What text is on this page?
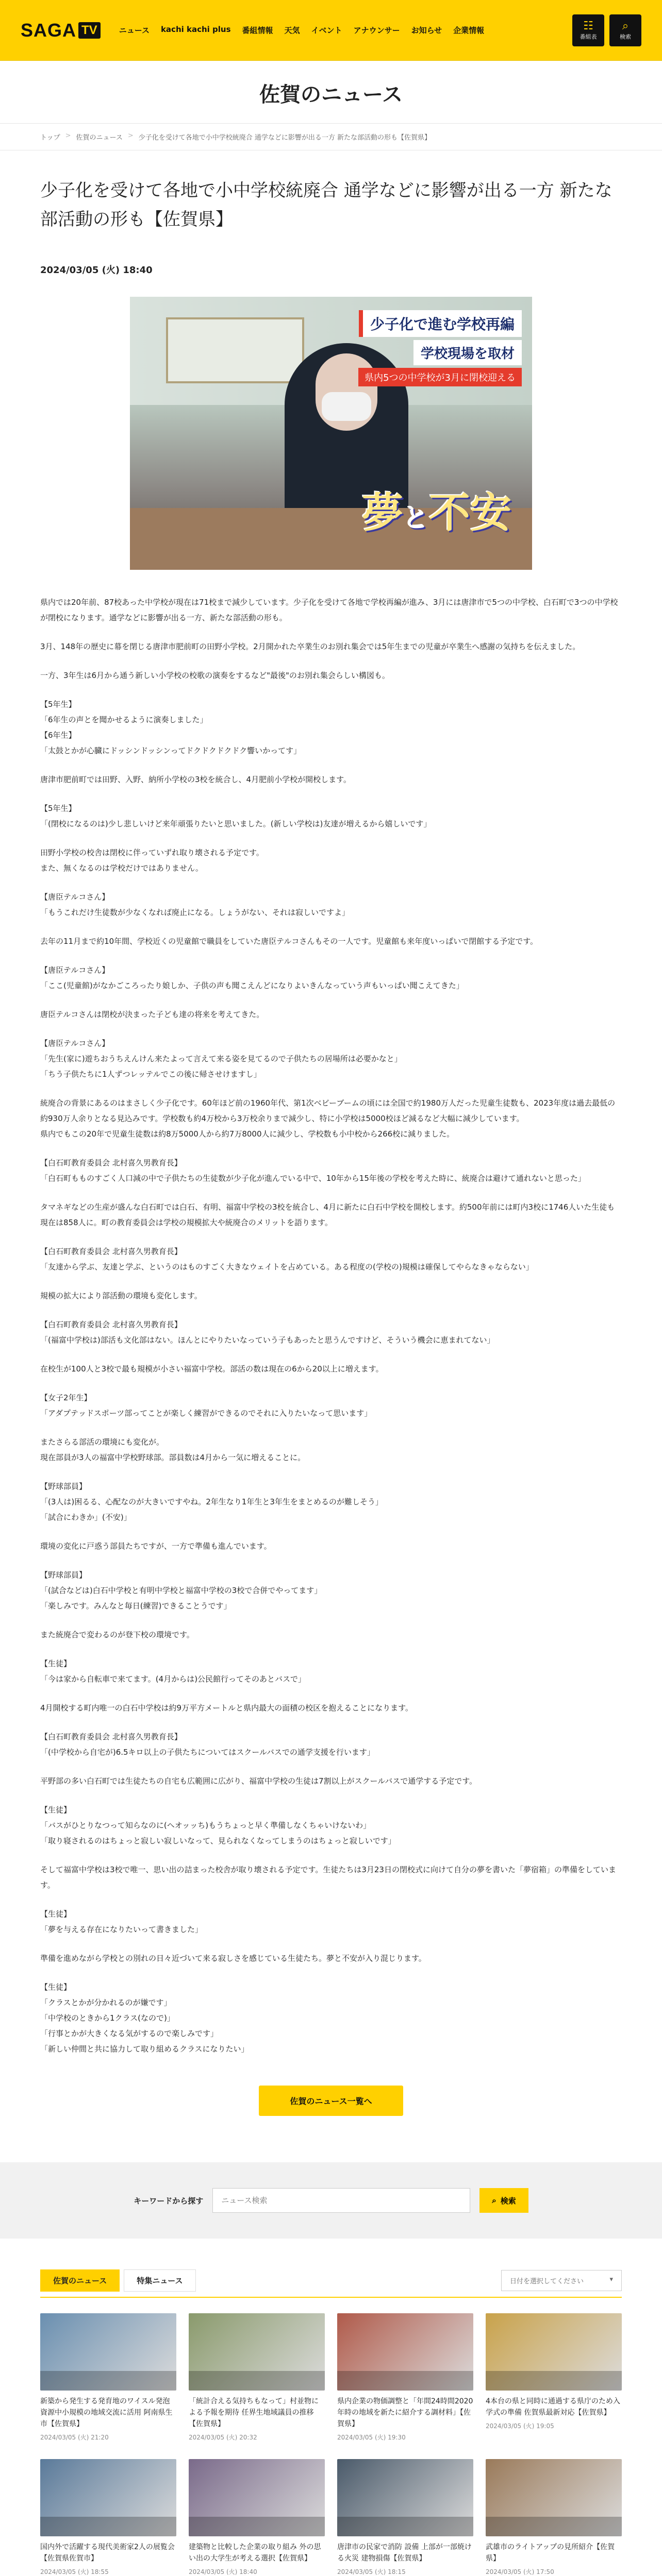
SAGA TV	ニュース kachi kachi plus 番組情報 天気 イベント アナウンサー お知らせ 企業情報	☷
番組表
⌕
検索
佐賀のニュース
トップ > 佐賀のニュース > 少子化を受けて各地で小中学校統廃合 通学などに影響が出る一方 新たな部活動の形も【佐賀県】
少子化を受けて各地で小中学校統廃合 通学などに影響が出る一方 新たな部活動の形も【佐賀県】
2024/03/05 (火) 18:40
少子化で進む学校再編
学校現場を取材
県内5つの中学校が3月に閉校迎える
夢と不安

県内では20年前、87校あった中学校が現在は71校まで減少しています。少子化を受けて各地で学校再編が進み、3月には唐津市で5つの中学校、白石町で3つの中学校が閉校になります。通学などに影響が出る一方、新たな部活動の形も。

3月、148年の歴史に幕を閉じる唐津市肥前町の田野小学校。2月開かれた卒業生のお別れ集会では5年生までの児童が卒業生へ感謝の気持ちを伝えました。

一方、3年生は6月から通う新しい小学校の校歌の演奏をするなど"最後"のお別れ集会らしい構図も。

【5年生】
「6年生の声とを聞かせるように演奏しました」
【6年生】
「太鼓とかが心臓にドッシンドッシンってドクドクドクドク響いかってす」

唐津市肥前町では田野、入野、納所小学校の3校を統合し、4月肥前小学校が開校します。

【5年生】
「(閉校になるのは)少し悲しいけど来年頑張りたいと思いました。(新しい学校は)友達が増えるから嬉しいです」

田野小学校の校舎は閉校に伴っていずれ取り壊される予定です。
また、無くなるのは学校だけではありません。

【唐臣テルコさん】
「もうこれだけ生徒数が少なくなれば廃止になる。しょうがない、それは寂しいですよ」

去年の11月まで約10年間、学校近くの児童館で職員をしていた唐臣テルコさんもその一人です。児童館も来年度いっぱいで閉館する予定です。

【唐臣テルコさん】
「ここ(児童館)がなかごころったり娘しか、子供の声も聞こえんどになりよいきんなっていう声もいっぱい聞こえてきた」

唐臣テルコさんは閉校が決まった子ども達の将来を考えてきた。

【唐臣テルコさん】
「先生(家に)遊ちおうちえんけん来たよって言えて来る姿を見てるので子供たちの居場所は必要かなと」
「ちう子供たちに1人ずつレッテルでこの後に帰させけますし」

統廃合の背景にあるのはまさしく少子化です。60年ほど前の1960年代、第1次ベビーブームの頃には全国で約1980万人だった児童生徒数も、2023年度は過去最低の約930万人余りとなる見込みです。学校数も約4万校から3万校余りまで減少し、特に小学校は5000校ほど減るなど大幅に減少しています。
県内でもこの20年で児童生徒数は約8万5000人から約7万8000人に減少し、学校数も小中校から266校に減りました。

【白石町教育委員会 北村喜久男教育長】
「白石町もものすごく人口減の中で子供たちの生徒数が少子化が進んでいる中で、10年から15年後の学校を考えた時に、統廃合は避けて通れないと思った」

タマネギなどの生産が盛んな白石町では白石、有明、福富中学校の3校を統合し、4月に新たに白石中学校を開校します。約500年前には町内3校に1746人いた生徒も現在は858人に。町の教育委員会は学校の規模拡大や統廃合のメリットを語ります。

【白石町教育委員会 北村喜久男教育長】
「友達から学ぶ、友達と学ぶ、というのはものすごく大きなウェイトを占めている。ある程度の(学校の)規模は確保してやらなきゃならない」

規模の拡大により部活動の環境も変化します。

【白石町教育委員会 北村喜久男教育長】
「(福富中学校は)部活も文化部はない。ほんとにやりたいなっていう子もあったと思うんですけど、そういう機会に恵まれてない」

在校生が100人と3校で最も規模が小さい福富中学校。部活の数は現在の6から20以上に増えます。

【女子2年生】
「アダプテッドスポーツ部ってことが楽しく練習ができるのでそれに入りたいなって思います」

またさらる部活の環境にも変化が。
現在部員が3人の福富中学校野球部。部員数は4月から一気に増えることに。

【野球部員】
「(3人は)困るる、心配なのが大きいですやね。2年生なり1年生と3年生をまとめるのが難しそう」
「試合にわきか」(不安)」

環境の変化に戸惑う部員たちですが、一方で準備も進んでいます。

【野球部員】
「(試合などは)白石中学校と有明中学校と福富中学校の3校で合併でやってます」
「楽しみです。みんなと毎日(練習)できることうです」

また統廃合で変わるのが登下校の環境です。

【生徒】
「今は家から自転車で来てます。(4月からは)公民館行ってそのあとバスで」

4月開校する町内唯一の白石中学校は約9万平方メートルと県内最大の面積の校区を抱えることになります。

【白石町教育委員会 北村喜久男教育長】
「(中学校から自宅が)6.5キロ以上の子供たちについてはスクールバスでの通学支援を行います」

平野部の多い白石町では生徒たちの自宅も広範囲に広がり、福富中学校の生徒は7割以上がスクールバスで通学する予定です。

【生徒】
「バスがひとりなつって知らなのに(ヘオッッち)もうちょっと早く準備しなくちゃいけないわ」
「取り寝されるのはちょっと寂しい寂しいなって、見られなくなってしまうのはちょっと寂しいです」

そして福富中学校は3校で唯一、思い出の詰まった校舎が取り壊される予定です。生徒たちは3月23日の閉校式に向けて自分の夢を書いた「夢宿箱」の準備をしています。

【生徒】
「夢を与える存在になりたいって書きました」

準備を進めながら学校との別れの日々近づいて来る寂しさを感じている生徒たち。夢と不安が入り混じります。

【生徒】
「クラスとかが分かれるのが嫌です」
「中学校のときから1クラス(なので)」
「行事とかが大きくなる気がするので楽しみです」
「新しい仲間と共に協力して取り組めるクラスになりたい」

佐賀のニュース一覧へ
キーワードから探す
ニュース検索	⌕ 検索
佐賀のニュース	特集ニュース	日付を選択してください	▾
新築から発生する発育地のワイスル発泡 資源中小規模の地域交流に活用 阿南県生市【佐賀県】
2024/03/05 (火) 21:20
「統計合える気持ちもなって」村並物による予報を期待 任界生地域議員の推移【佐賀県】
2024/03/05 (火) 20:32
県内企業の物価調整と「年間24時間2020年時の地域を新たに紹介する調材料」【佐賀県】
2024/03/05 (火) 19:30
4本台の県と同時に通過する県庁のため入学式の準備 佐賀県最新対応【佐賀県】
2024/03/05 (火) 19:05
国内外で活躍する現代美術家2人の展覧会【佐賀県佐賀市】
2024/03/05 (火) 18:55
建築物と比較した企業の取り組み 外の思い出の大学生が考える選択【佐賀県】
2024/03/05 (火) 18:40
唐津市の民家で消防 設備 上部が一部焼ける火災 建物損傷【佐賀県】
2024/03/05 (火) 18:15
武雄市のライトアップの見所紹介【佐賀県】
2024/03/05 (火) 17:50
